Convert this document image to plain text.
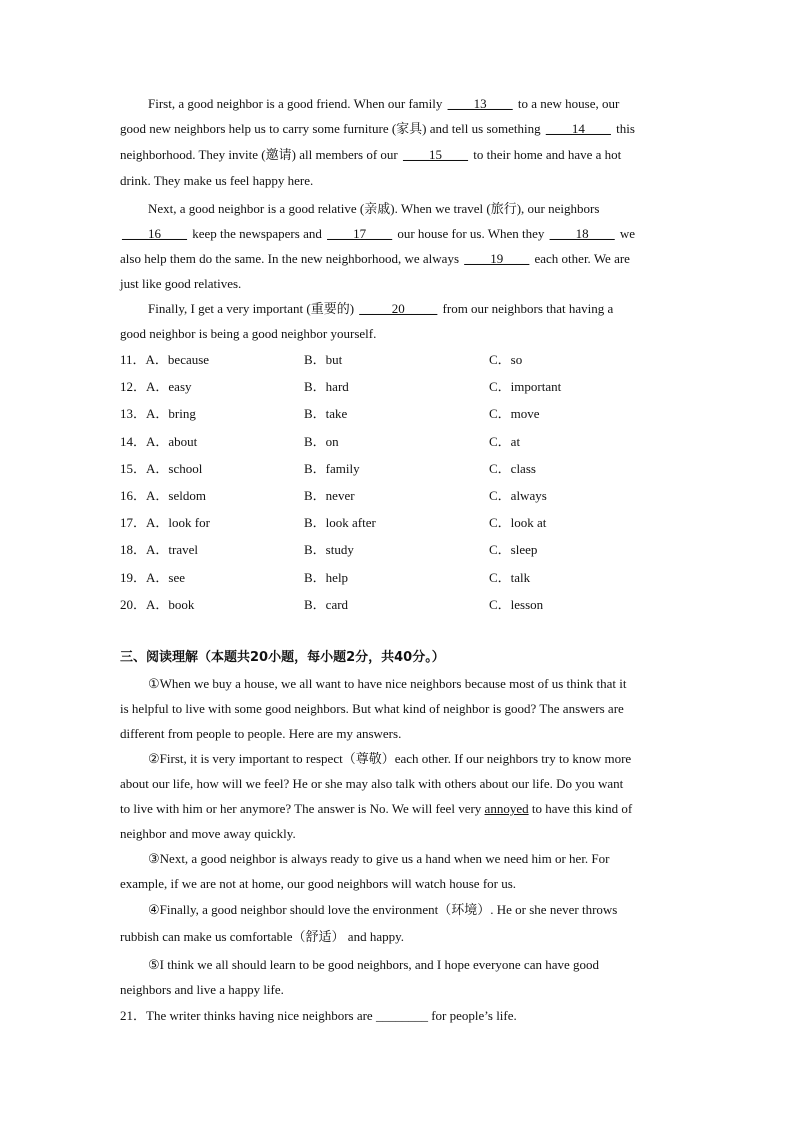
First, a good neighbor is a good friend. When our family ____13____ to a new house, our
good new neighbors help us to carry some furniture (家具) and tell us something ____14____ this
neighborhood. They invite (邀请) all members of our ____15____ to their home and have a hot
drink. They make us feel happy here.
Next, a good neighbor is a good relative (亲戚). When we travel (旅行), our neighbors
____16____ keep the newspapers and ____17____ our house for us. When they ____18____ we
also help them do the same. In the new neighborhood, we always ____19____ each other. We are
just like good relatives.
Finally, I get a very important (重要的) _____20_____ from our neighbors that having a
good neighbor is being a good neighbor yourself.
11．A．because	B．but	C．so
12．A．easy	B．hard	C．important
13．A．bring	B．take	C．move
14．A．about	B．on	C．at
15．A．school	B．family	C．class
16．A．seldom	B．never	C．always
17．A．look for	B．look after	C．look at
18．A．travel	B．study	C．sleep
19．A．see	B．help	C．talk
20．A．book	B．card	C．lesson
三、阅读理解（本题共20小题，每小题2分，共40分。）
①When we buy a house, we all want to have nice neighbors because most of us think that it
is helpful to live with some good neighbors. But what kind of neighbor is good? The answers are
different from people to people. Here are my answers.
②First, it is very important to respect（尊敬）each other. If our neighbors try to know more
about our life, how will we feel? He or she may also talk with others about our life. Do you want
to live with him or her anymore? The answer is No. We will feel very annoyed to have this kind of
neighbor and move away quickly.
③Next, a good neighbor is always ready to give us a hand when we need him or her. For
example, if we are not at home, our good neighbors will watch house for us.
④Finally, a good neighbor should love the environment（环境）. He or she never throws
rubbish can make us comfortable（舒适） and happy.
⑤I think we all should learn to be good neighbors, and I hope everyone can have good
neighbors and live a happy life.
21．The writer thinks having nice neighbors are ________ for people’s life.
